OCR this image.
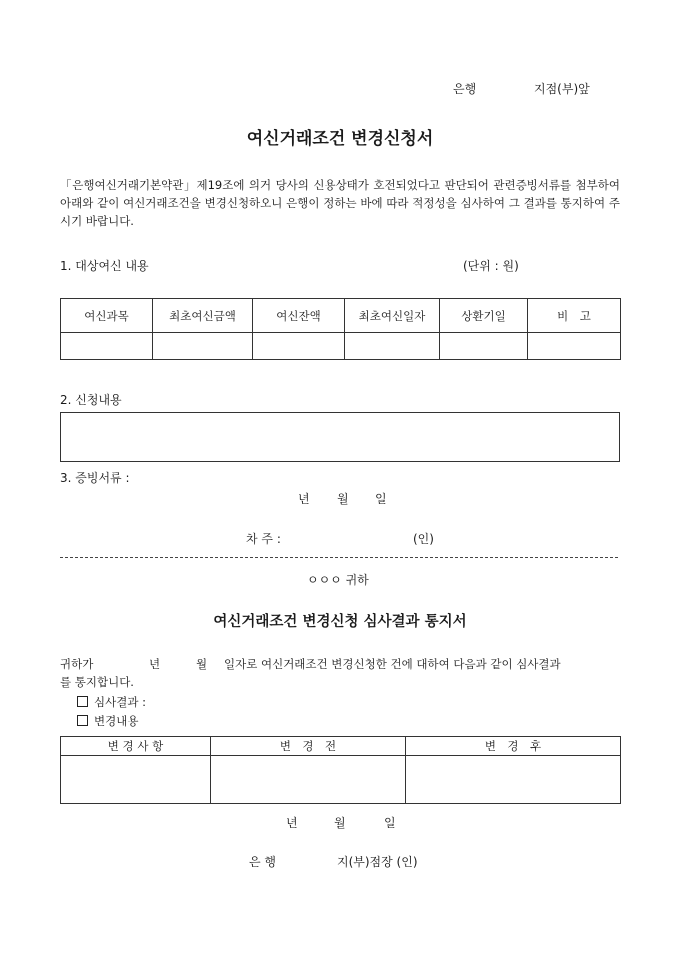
은행	지점(부)앞
여신거래조건 변경신청서
「은행여신거래기본약관」제19조에 의거 당사의 신용상태가 호전되었다고 판단되어 관련증빙서류를 첨부하여 아래와 같이 여신거래조건을 변경신청하오니 은행이 정하는 바에 따라 적정성을 심사하여 그 결과를 통지하여 주시기 바랍니다.
1. 대상여신 내용	(단위 : 원)
여신과목	최초여신금액	여신잔액	최초여신일자	상환기일	비　고

2. 신청내용
3. 증빙서류 :
년 월 일
차 주 :	(인)
ㅇㅇㅇ 귀하
여신거래조건 변경신청 심사결과 통지서
귀하가	년	월 일자로 여신거래조건 변경신청한 건에 대하여 다음과 같이 심사결과
를 통지합니다.
심사결과 :
변경내용
변 경 사 항	변　경　전	변　경　후

년	월	일
은 행	지(부)점장 (인)
